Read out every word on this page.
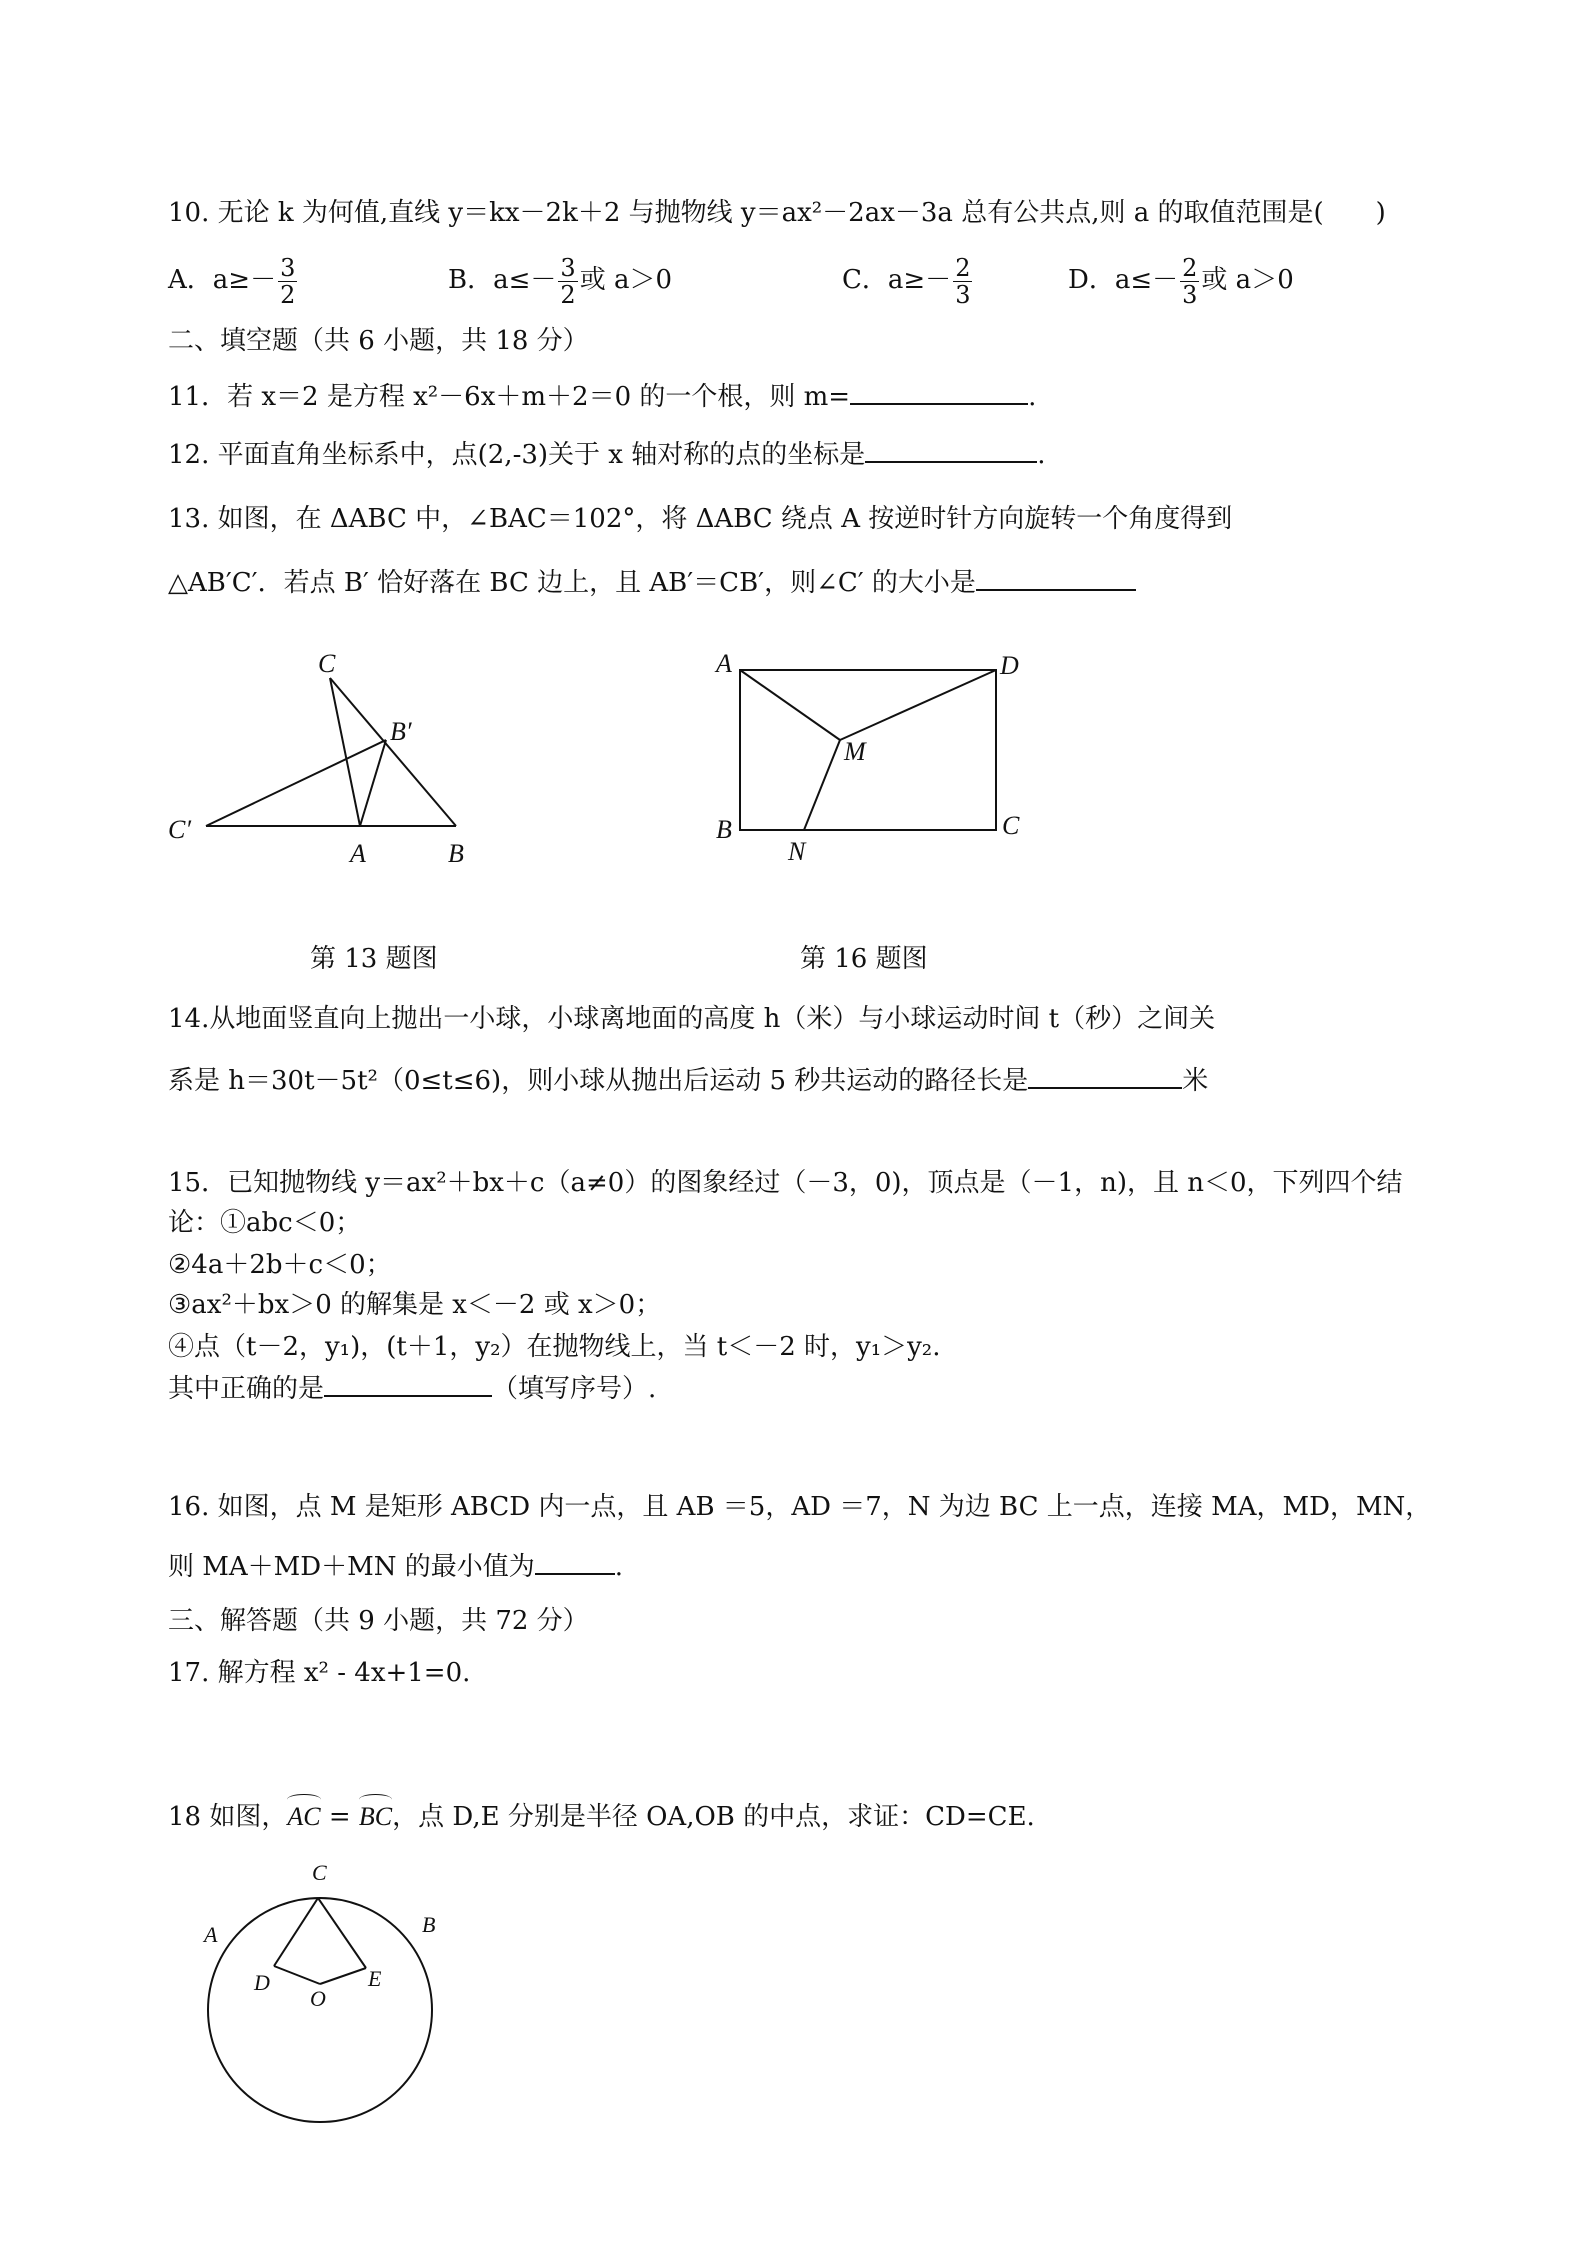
10. 无论 k 为何值,直线 y＝kx－2k＋2 与抛物线 y＝ax²－2ax－3a 总有公共点,则 a 的取值范围是(　　)
A．$a\ge- \frac{3}{2}$	B．$a\le- \frac{3}{2}$ 或 a＞0	C．$a\ge- \frac{2}{3}$	D．$a\le- \frac{2}{3}$ 或 a＞0
二、填空题（共 6 小题，共 18 分）
11．若 x＝2 是方程 x²－6x＋m＋2＝0 的一个根，则 m=	.
12. 平面直角坐标系中，点(2,-3)关于 x 轴对称的点的坐标是	.
13. 如图，在 ΔABC 中，∠BAC＝102°，将 ΔABC 绕点 A 按逆时针方向旋转一个角度得到
△AB′C′．若点 B′ 恰好落在 BC 边上，且 AB′＝CB′，则∠C′ 的大小是
C
B′
C′
A	B
A	D
M
B
N
C
第 13 题图	第 16 题图
14.从地面竖直向上抛出一小球，小球离地面的高度 h（米）与小球运动时间 t（秒）之间关
系是 h＝30t－5t²（0≤t≤6)，则小球从抛出后运动 5 秒共运动的路径长是	米
15．已知抛物线 y＝ax²＋bx＋c（a≠0）的图象经过（－3，0)，顶点是（－1，n)，且 n＜0，下列四个结
论：①abc＜0；
②4a＋2b＋c＜0；
③ax²＋bx＞0 的解集是 x＜－2 或 x＞0；
④点（t－2，y₁)，(t＋1，y₂）在抛物线上，当 t＜－2 时，y₁＞y₂.
其中正确的是	（填写序号）.
16. 如图，点 M 是矩形 ABCD 内一点，且 AB ＝5，AD ＝7，N 为边 BC 上一点，连接 MA，MD，MN，
则 MA＋MD＋MN 的最小值为	.
三、解答题（共 9 小题，共 72 分）
17. 解方程 x² - 4x+1=0.
18 如图，AC = BC，点 D,E 分别是半径 OA,OB 的中点，求证：CD=CE.
C
A	B
D	E
O
